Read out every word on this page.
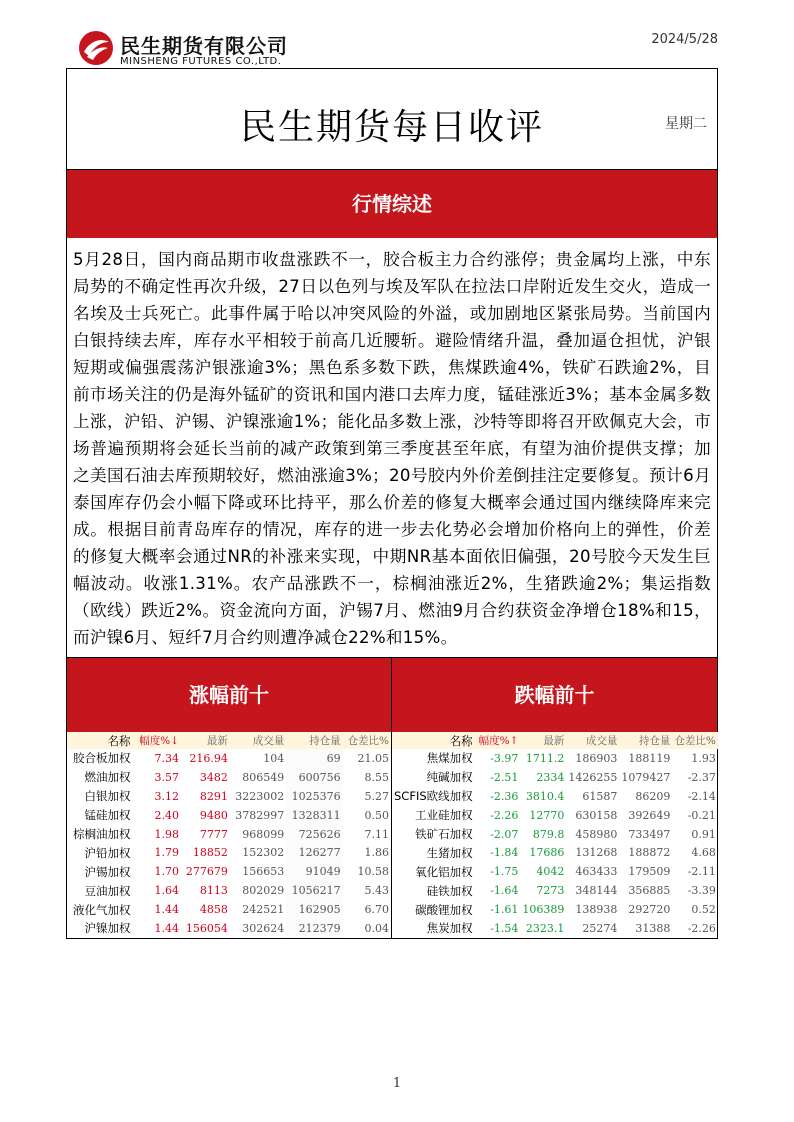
民生期货有限公司
MINSHENG FUTURES CO.,LTD.
2024/5/28
民生期货每日收评	星期二
行情综述
5月28日，国内商品期市收盘涨跌不一，胶合板主力合约涨停；贵金属均上涨，中东局势的不确定性再次升级，27日以色列与埃及军队在拉法口岸附近发生交火，造成一名埃及士兵死亡。此事件属于哈以冲突风险的外溢，或加剧地区紧张局势。当前国内白银持续去库，库存水平相较于前高几近腰斩。避险情绪升温，叠加逼仓担忧，沪银短期或偏强震荡沪银涨逾3%；黑色系多数下跌，焦煤跌逾4%，铁矿石跌逾2%，目前市场关注的仍是海外锰矿的资讯和国内港口去库力度，锰硅涨近3%；基本金属多数上涨，沪铅、沪锡、沪镍涨逾1%；能化品多数上涨，沙特等即将召开欧佩克大会，市场普遍预期将会延长当前的减产政策到第三季度甚至年底，有望为油价提供支撑；加之美国石油去库预期较好，燃油涨逾3%；20号胶内外价差倒挂注定要修复。预计6月泰国库存仍会小幅下降或环比持平，那么价差的修复大概率会通过国内继续降库来完成。根据目前青岛库存的情况，库存的进一步去化势必会增加价格向上的弹性，价差的修复大概率会通过NR的补涨来实现，中期NR基本面依旧偏强，20号胶今天发生巨幅波动。收涨1.31%。农产品涨跌不一，棕榈油涨近2%，生猪跌逾2%；集运指数（欧线）跌近2%。资金流向方面，沪锡7月、燃油9月合约获资金净增仓18%和15，而沪镍6月、短纤7月合约则遭净减仓22%和15%。
涨幅前十
名称	幅度%↓	最新	成交量	持仓量	仓差比%
胶合板加权	7.34	216.94	104	69	21.05
燃油加权	3.57	3482	806549	600756	8.55
白银加权	3.12	8291	3223002	1025376	5.27
锰硅加权	2.40	9480	3782997	1328311	0.50
棕榈油加权	1.98	7777	968099	725626	7.11
沪铅加权	1.79	18852	152302	126277	1.86
沪锡加权	1.70	277679	156653	91049	10.58
豆油加权	1.64	8113	802029	1056217	5.43
液化气加权	1.44	4858	242521	162905	6.70
沪镍加权	1.44	156054	302624	212379	0.04
跌幅前十
名称	幅度%↑	最新	成交量	持仓量	仓差比%
焦煤加权	-3.97	1711.2	186903	188119	1.93
纯碱加权	-2.51	2334	1426255	1079427	-2.37
SCFIS欧线加权	-2.36	3810.4	61587	86209	-2.14
工业硅加权	-2.26	12770	630158	392649	-0.21
铁矿石加权	-2.07	879.8	458980	733497	0.91
生猪加权	-1.84	17686	131268	188872	4.68
氧化铝加权	-1.75	4042	463433	179509	-2.11
硅铁加权	-1.64	7273	348144	356885	-3.39
碳酸锂加权	-1.61	106389	138938	292720	0.52
焦炭加权	-1.54	2323.1	25274	31388	-2.26
1
